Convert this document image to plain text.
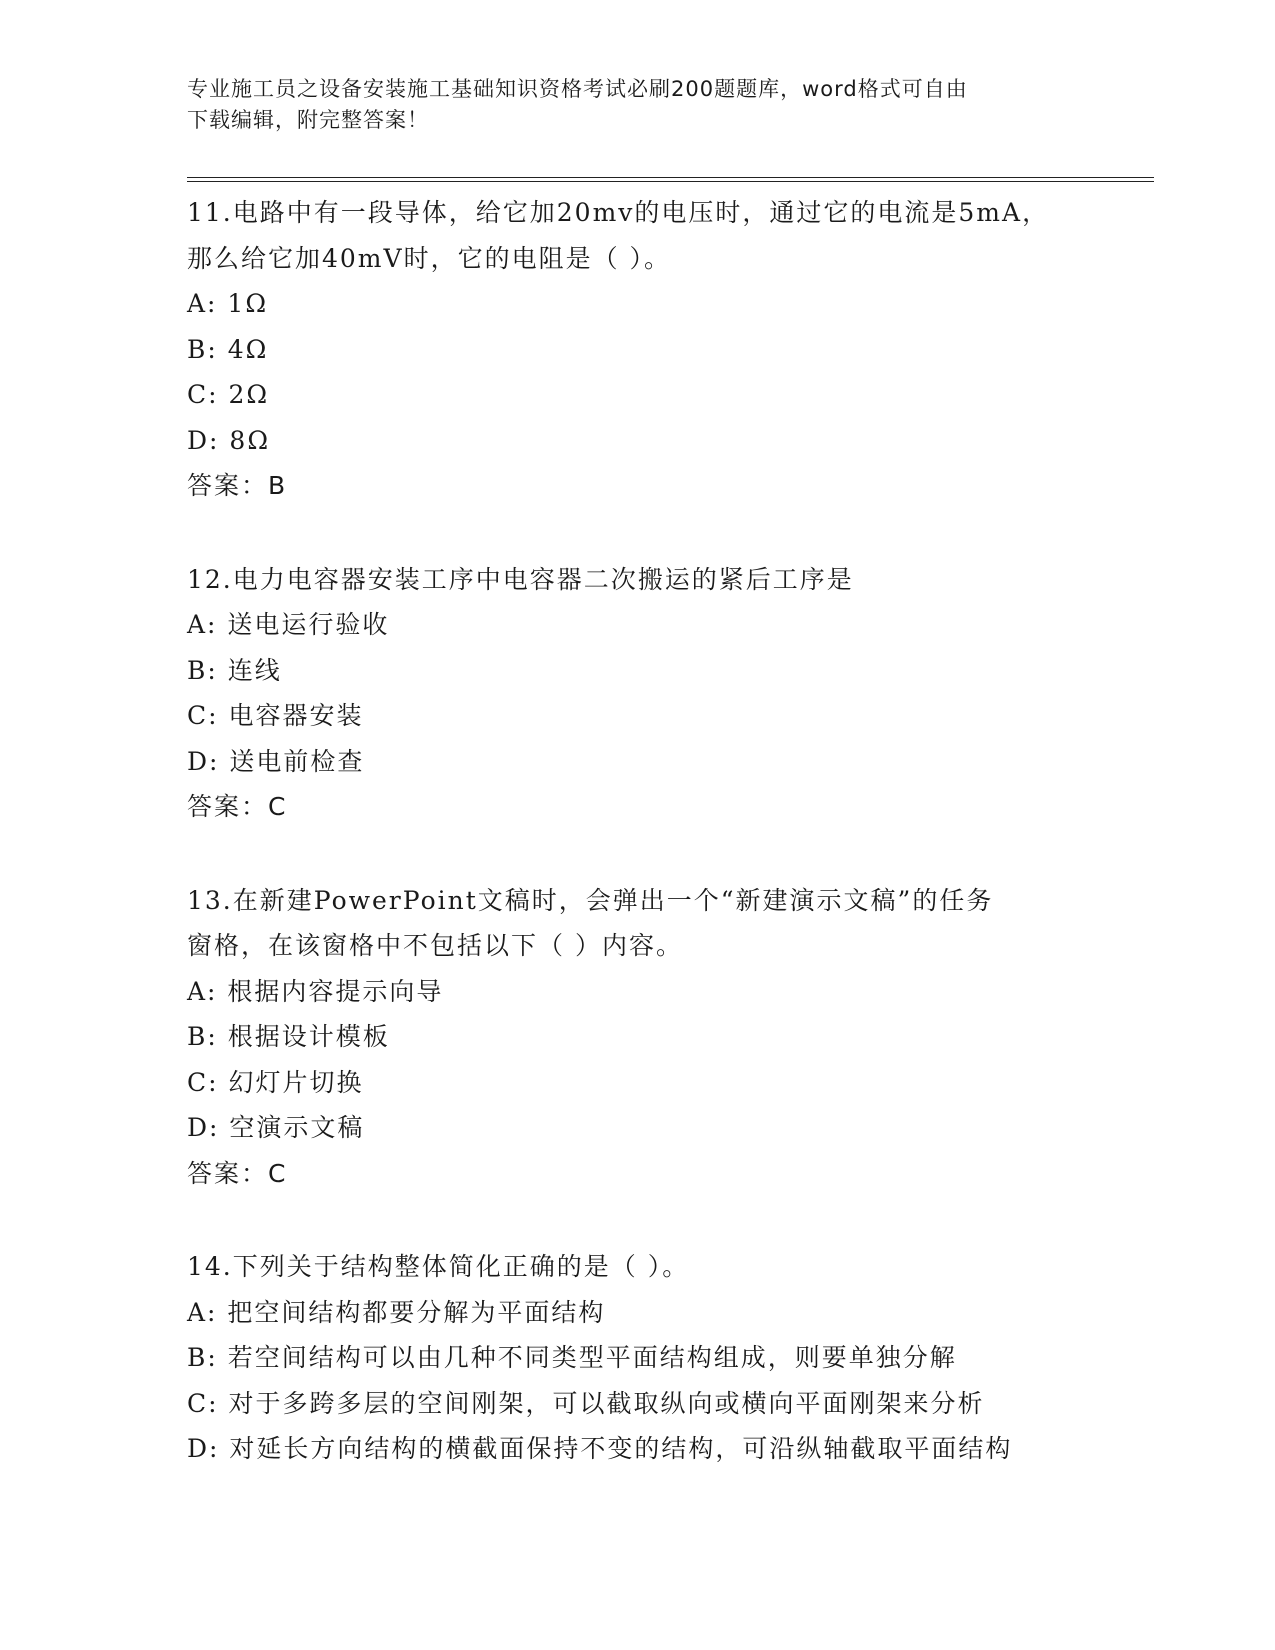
专业施工员之设备安装施工基础知识资格考试必刷200题题库，word格式可自由
下载编辑，附完整答案！
11.电路中有一段导体，给它加20mv的电压时，通过它的电流是5mA，
那么给它加40mV时，它的电阻是（ ）。
A: 1Ω
B: 4Ω
C: 2Ω
D: 8Ω
答案：B
12.电力电容器安装工序中电容器二次搬运的紧后工序是
A: 送电运行验收
B: 连线
C: 电容器安装
D: 送电前检查
答案：C
13.在新建PowerPoint文稿时，会弹出一个“新建演示文稿”的任务
窗格，在该窗格中不包括以下（ ）内容。
A: 根据内容提示向导
B: 根据设计模板
C: 幻灯片切换
D: 空演示文稿
答案：C
14.下列关于结构整体简化正确的是（ ）。
A: 把空间结构都要分解为平面结构
B: 若空间结构可以由几种不同类型平面结构组成，则要单独分解
C: 对于多跨多层的空间刚架，可以截取纵向或横向平面刚架来分析
D: 对延长方向结构的横截面保持不变的结构，可沿纵轴截取平面结构
